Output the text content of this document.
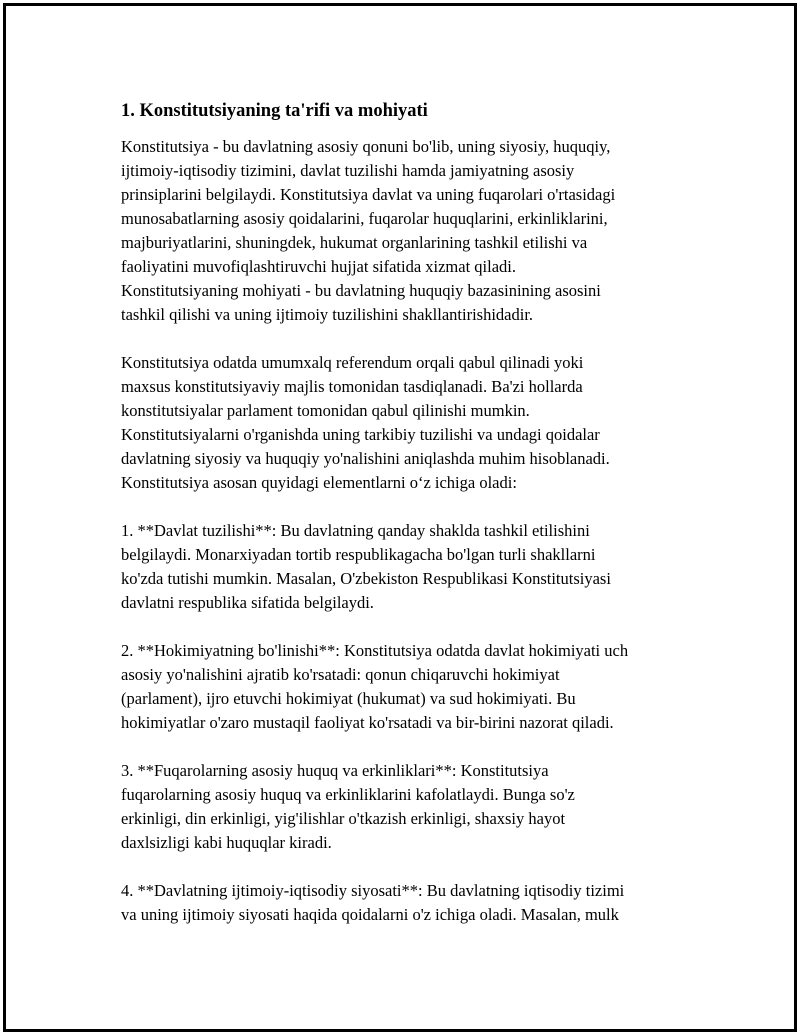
1. Konstitutsiyaning ta'rifi va mohiyati
Konstitutsiya - bu davlatning asosiy qonuni bo'lib, uning siyosiy, huquqiy,
ijtimoiy-iqtisodiy tizimini, davlat tuzilishi hamda jamiyatning asosiy
prinsiplarini belgilaydi. Konstitutsiya davlat va uning fuqarolari o'rtasidagi
munosabatlarning asosiy qoidalarini, fuqarolar huquqlarini, erkinliklarini,
majburiyatlarini, shuningdek, hukumat organlarining tashkil etilishi va
faoliyatini muvofiqlashtiruvchi hujjat sifatida xizmat qiladi.
Konstitutsiyaning mohiyati - bu davlatning huquqiy bazasinining asosini
tashkil qilishi va uning ijtimoiy tuzilishini shakllantirishidadir.
Konstitutsiya odatda umumxalq referendum orqali qabul qilinadi yoki
maxsus konstitutsiyaviy majlis tomonidan tasdiqlanadi. Ba'zi hollarda
konstitutsiyalar parlament tomonidan qabul qilinishi mumkin.
Konstitutsiyalarni o'rganishda uning tarkibiy tuzilishi va undagi qoidalar
davlatning siyosiy va huquqiy yo'nalishini aniqlashda muhim hisoblanadi.
Konstitutsiya asosan quyidagi elementlarni o‘z ichiga oladi:
1. **Davlat tuzilishi**: Bu davlatning qanday shaklda tashkil etilishini
belgilaydi. Monarxiyadan tortib respublikagacha bo'lgan turli shakllarni
ko'zda tutishi mumkin. Masalan, O'zbekiston Respublikasi Konstitutsiyasi
davlatni respublika sifatida belgilaydi.
2. **Hokimiyatning bo'linishi**: Konstitutsiya odatda davlat hokimiyati uch
asosiy yo'nalishini ajratib ko'rsatadi: qonun chiqaruvchi hokimiyat
(parlament), ijro etuvchi hokimiyat (hukumat) va sud hokimiyati. Bu
hokimiyatlar o'zaro mustaqil faoliyat ko'rsatadi va bir-birini nazorat qiladi.
3. **Fuqarolarning asosiy huquq va erkinliklari**: Konstitutsiya
fuqarolarning asosiy huquq va erkinliklarini kafolatlaydi. Bunga so'z
erkinligi, din erkinligi, yig'ilishlar o'tkazish erkinligi, shaxsiy hayot
daxlsizligi kabi huquqlar kiradi.
4. **Davlatning ijtimoiy-iqtisodiy siyosati**: Bu davlatning iqtisodiy tizimi
va uning ijtimoiy siyosati haqida qoidalarni o'z ichiga oladi. Masalan, mulk
